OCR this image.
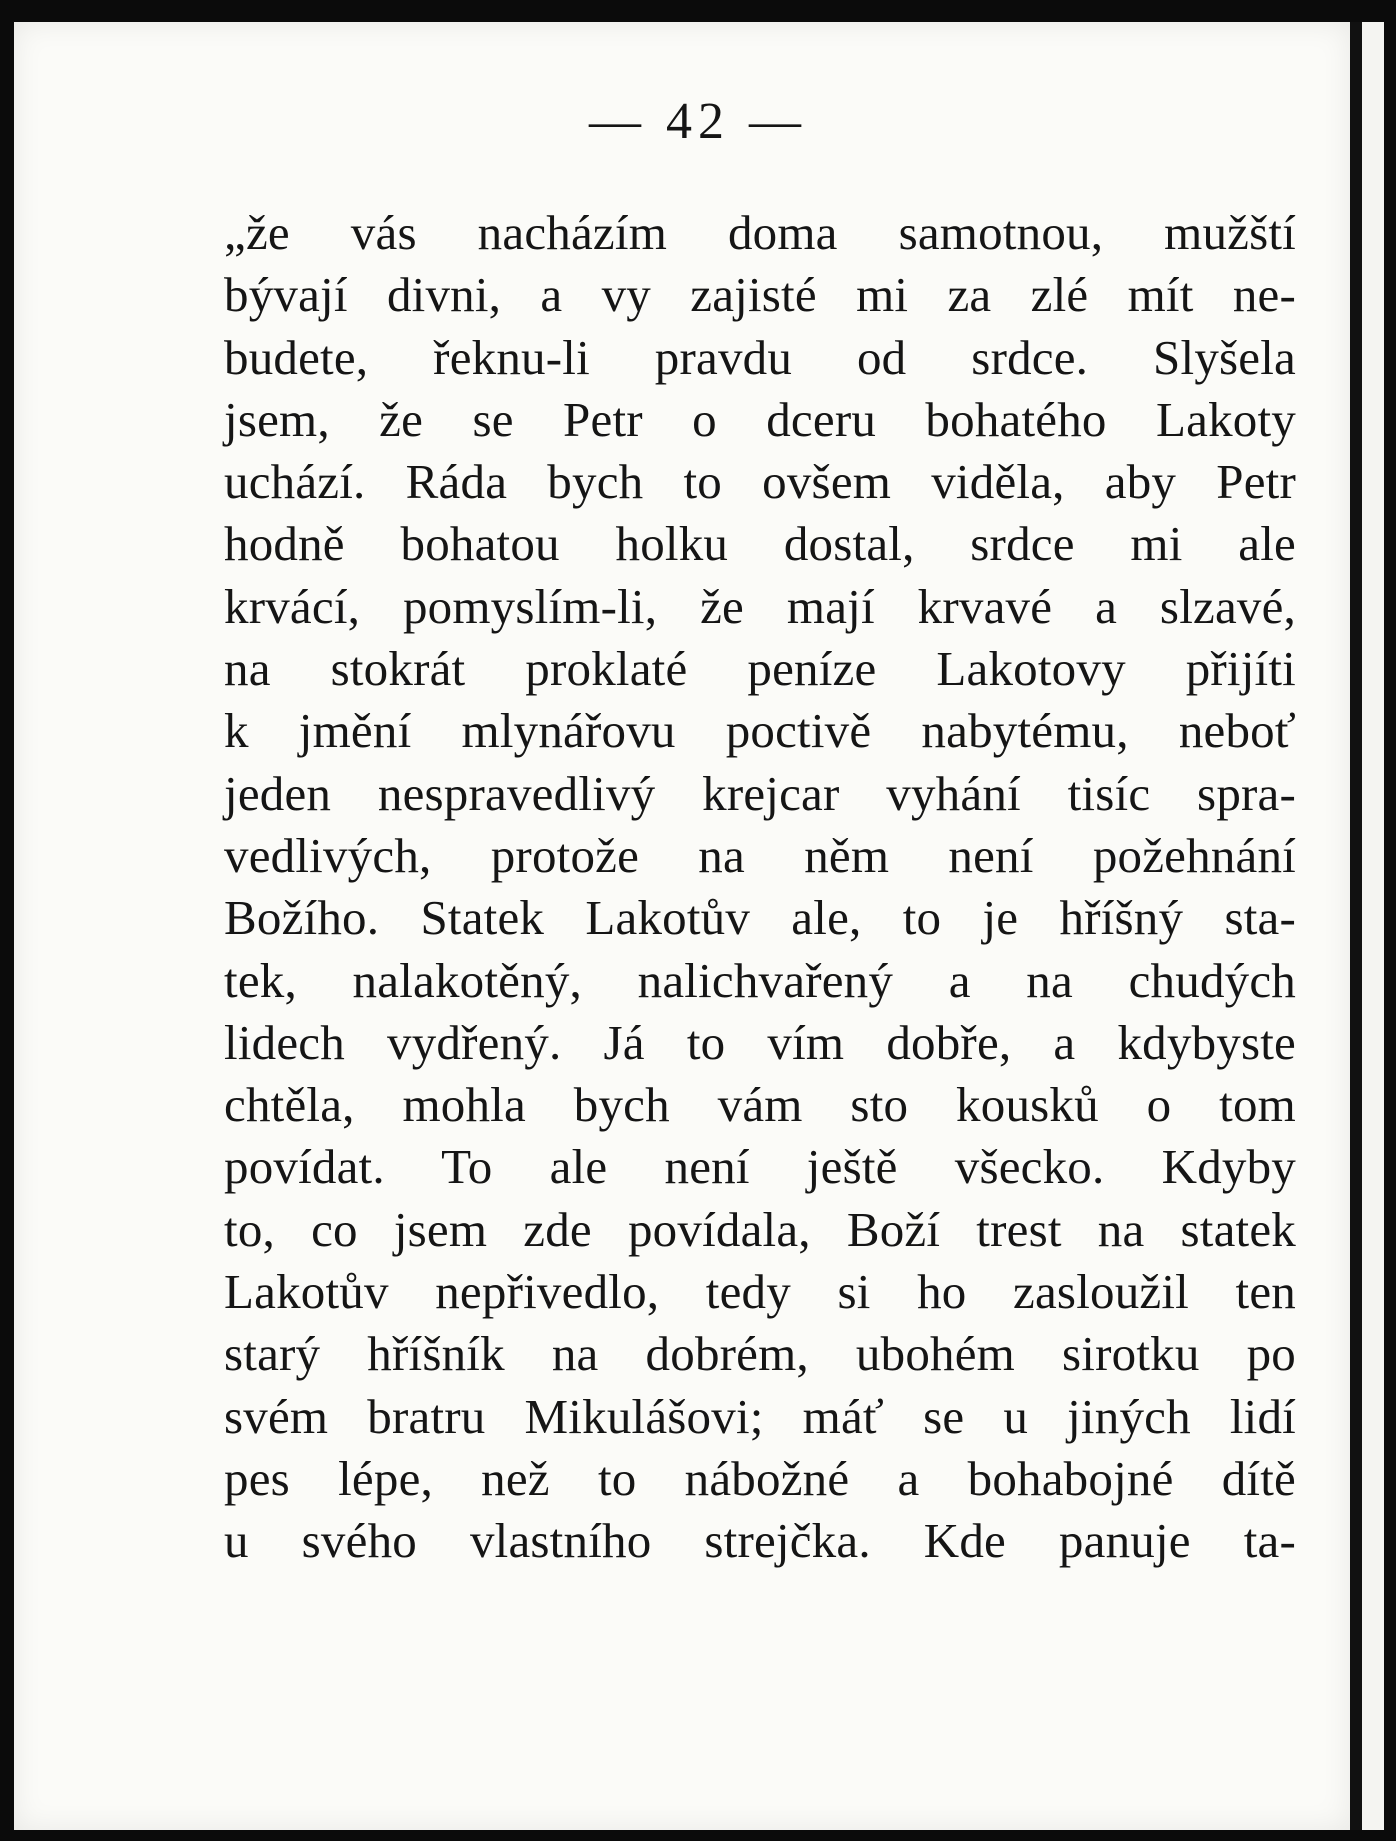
— 42 —
„že vás nacházím doma samotnou, mužští
bývají divni, a vy zajisté mi za zlé mít ne-
budete, řeknu-li pravdu od srdce. Slyšela
jsem, že se Petr o dceru bohatého Lakoty
uchází. Ráda bych to ovšem viděla, aby Petr
hodně bohatou holku dostal, srdce mi ale
krvácí, pomyslím-li, že mají krvavé a slzavé,
na stokrát proklaté peníze Lakotovy přijíti
k jmění mlynářovu poctivě nabytému, neboť
jeden nespravedlivý krejcar vyhání tisíc spra-
vedlivých, protože na něm není požehnání
Božího. Statek Lakotův ale, to je hříšný sta-
tek, nalakotěný, nalichvařený a na chudých
lidech vydřený. Já to vím dobře, a kdybyste
chtěla, mohla bych vám sto kousků o tom
povídat. To ale není ještě všecko. Kdyby
to, co jsem zde povídala, Boží trest na statek
Lakotův nepřivedlo, tedy si ho zasloužil ten
starý hříšník na dobrém, ubohém sirotku po
svém bratru Mikulášovi; máť se u jiných lidí
pes lépe, než to nábožné a bohabojné dítě
u svého vlastního strejčka. Kde panuje ta-
